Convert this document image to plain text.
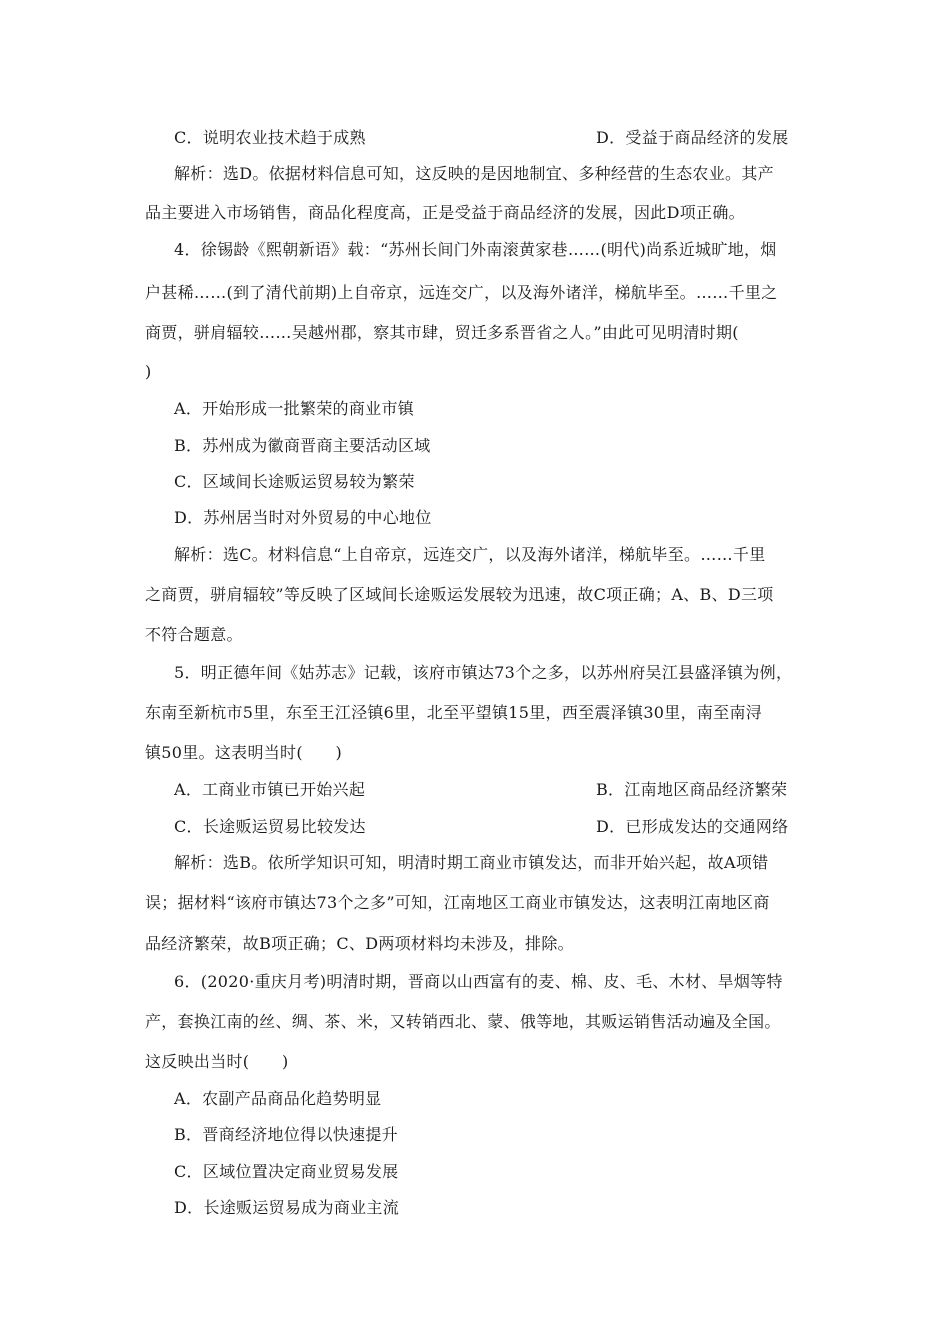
C．说明农业技术趋于成熟	D．受益于商品经济的发展
解析：选D。依据材料信息可知，这反映的是因地制宜、多种经营的生态农业。其产
品主要进入市场销售，商品化程度高，正是受益于商品经济的发展，因此D项正确。
4．徐锡龄《熙朝新语》载：“苏州长间门外南滚黄家巷……(明代)尚系近城旷地，烟
户甚稀……(到了清代前期)上自帝京，远连交广，以及海外诸洋，梯航毕至。……千里之
商贾，骈肩辐较……吴越州郡，察其市肆，贸迁多系晋省之人。”由此可见明清时期(
)
A．开始形成一批繁荣的商业市镇
B．苏州成为徽商晋商主要活动区域
C．区域间长途贩运贸易较为繁荣
D．苏州居当时对外贸易的中心地位
解析：选C。材料信息“上自帝京，远连交广，以及海外诸洋，梯航毕至。……千里
之商贾，骈肩辐较”等反映了区域间长途贩运发展较为迅速，故C项正确；A、B、D三项
不符合题意。
5．明正德年间《姑苏志》记载，该府市镇达73个之多，以苏州府吴江县盛泽镇为例，
东南至新杭市5里，东至王江泾镇6里，北至平望镇15里，西至震泽镇30里，南至南浔
镇50里。这表明当时(　　)
A．工商业市镇已开始兴起	B．江南地区商品经济繁荣
C．长途贩运贸易比较发达	D．已形成发达的交通网络
解析：选B。依所学知识可知，明清时期工商业市镇发达，而非开始兴起，故A项错
误；据材料“该府市镇达73个之多”可知，江南地区工商业市镇发达，这表明江南地区商
品经济繁荣，故B项正确；C、D两项材料均未涉及，排除。
6．(2020·重庆月考)明清时期，晋商以山西富有的麦、棉、皮、毛、木材、旱烟等特
产，套换江南的丝、绸、茶、米，又转销西北、蒙、俄等地，其贩运销售活动遍及全国。
这反映出当时(　　)
A．农副产品商品化趋势明显
B．晋商经济地位得以快速提升
C．区域位置决定商业贸易发展
D．长途贩运贸易成为商业主流
